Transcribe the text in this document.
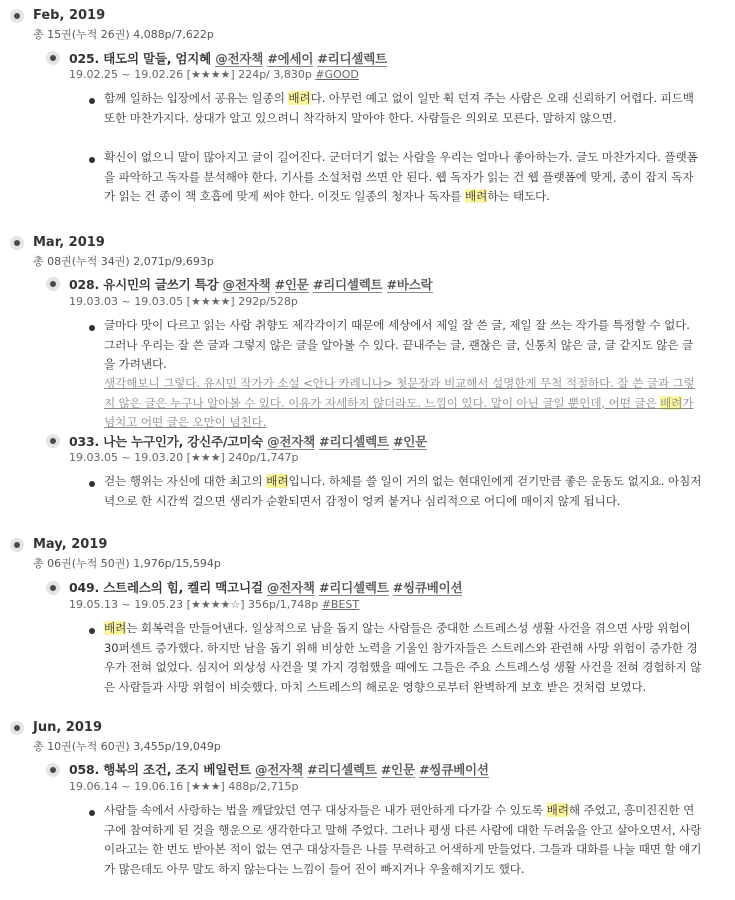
Feb, 2019
총 15권(누적 26권) 4,088p/7,622p
025. 태도의 말들, 엄지혜 @전자책 #에세이 #리디셀렉트
19.02.25 ~ 19.02.26 [★★★★] 224p/ 3,830p #GOOD
함께 일하는 입장에서 공유는 일종의 배려다. 아무런 예고 없이 일만 휙 던져 주는 사람은 오래 신뢰하기 어렵다. 피드백 또한 마찬가지다. 상대가 알고 있으려니 착각하지 말아야 한다. 사람들은 의외로 모른다. 말하지 않으면.
확신이 없으니 말이 많아지고 글이 길어진다. 군더더기 없는 사람을 우리는 얼마나 좋아하는가. 글도 마찬가지다. 플랫폼을 파악하고 독자를 분석해야 한다. 기사를 소설처럼 쓰면 안 된다. 웹 독자가 읽는 건 웹 플랫폼에 맞게, 종이 잡지 독자가 읽는 건 종이 책 호흡에 맞게 써야 한다. 이것도 일종의 청자나 독자를 배려하는 태도다.
Mar, 2019
총 08권(누적 34권) 2,071p/9,693p
028. 유시민의 글쓰기 특강 @전자책 #인문 #리디셀렉트 #바스락
19.03.03 ~ 19.03.05 [★★★★] 292p/528p
글마다 맛이 다르고 읽는 사람 취향도 제각각이기 때문에 세상에서 제일 잘 쓴 글, 제일 잘 쓰는 작가를 특정할 수 없다. 그러나 우리는 잘 쓴 글과 그렇지 않은 글을 알아볼 수 있다. 끝내주는 글, 괜찮은 글, 신통치 않은 글, 글 같지도 않은 글을 가려낸다.
생각해보니 그렇다. 유시민 작가가 소설 <안나 카레니나> 첫문장과 비교해서 설명한게 무척 적절하다. 잘 쓴 글과 그렇지 않은 글은 누구나 알아볼 수 있다. 이유가 자세하지 않더라도. 느낌이 있다. 말이 아닌 글일 뿐인데, 어떤 글은 배려가 넘치고 어떤 글은 오만이 넘친다.
033. 나는 누구인가, 강신주/고미숙 @전자책 #리디셀렉트 #인문
19.03.05 ~ 19.03.20 [★★★] 240p/1,747p
걷는 행위는 자신에 대한 최고의 배려입니다. 하체를 쓸 일이 거의 없는 현대인에게 걷기만큼 좋은 운동도 없지요. 아침저녁으로 한 시간씩 걸으면 생리가 순환되면서 감정이 엉켜 붙거나 심리적으로 어디에 매이지 않게 됩니다.
May, 2019
총 06권(누적 50권) 1,976p/15,594p
049. 스트레스의 힘, 켈리 맥고니걸 @전자책 #리디셀렉트 #씽큐베이션
19.05.13 ~ 19.05.23 [★★★★☆] 356p/1,748p #BEST
배려는 회복력을 만들어낸다. 일상적으로 남을 돕지 않는 사람들은 중대한 스트레스성 생활 사건을 겪으면 사망 위험이 30퍼센트 증가했다. 하지만 남을 돕기 위해 비상한 노력을 기울인 참가자들은 스트레스와 관련해 사망 위험이 증가한 경우가 전혀 없었다. 심지어 외상성 사건을 몇 가지 경험했을 때에도 그들은 주요 스트레스성 생활 사건을 전혀 경험하지 않은 사람들과 사망 위험이 비슷했다. 마치 스트레스의 해로운 영향으로부터 완벽하게 보호 받은 것처럼 보였다.
Jun, 2019
총 10권(누적 60권) 3,455p/19,049p
058. 행복의 조건, 조지 베일런트 @전자책 #리디셀렉트 #인문 #씽큐베이션
19.06.14 ~ 19.06.16 [★★★] 488p/2,715p
사람들 속에서 사랑하는 법을 깨달았던 연구 대상자들은 내가 편안하게 다가갈 수 있도록 배려해 주었고, 흥미진진한 연구에 참여하게 된 것을 행운으로 생각한다고 말해 주었다. 그러나 평생 다른 사람에 대한 두려움을 안고 살아오면서, 사랑이라고는 한 번도 받아본 적이 없는 연구 대상자들은 나를 무력하고 어색하게 만들었다. 그들과 대화를 나눌 때면 할 얘기가 많은데도 아무 말도 하지 않는다는 느낌이 들어 진이 빠지거나 우울해지기도 했다.
